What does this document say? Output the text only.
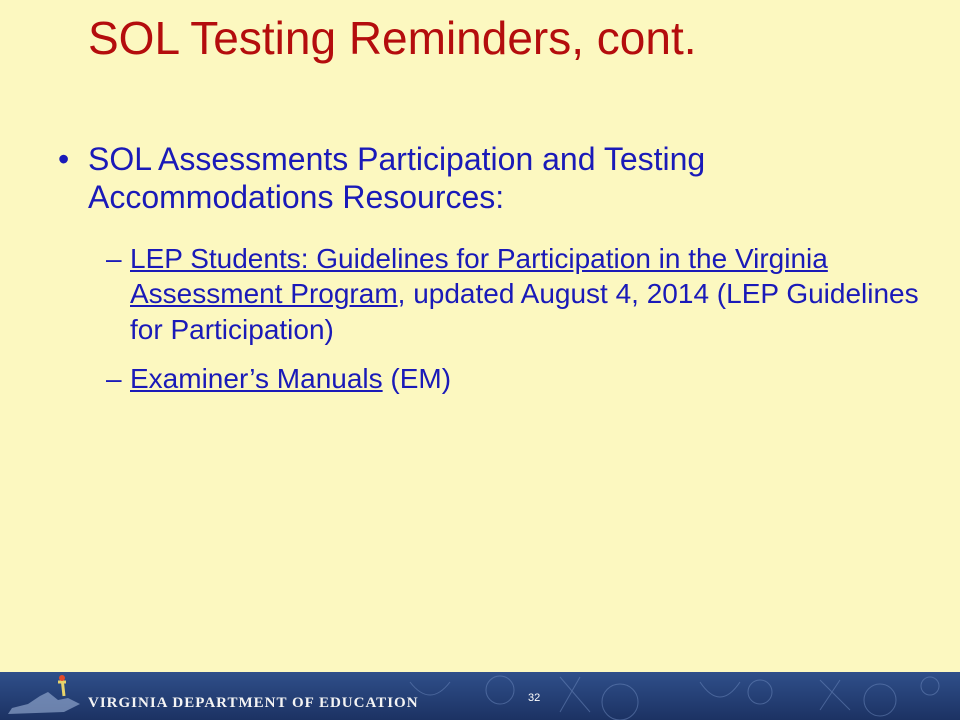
SOL Testing Reminders, cont.
• SOL Assessments Participation and Testing Accommodations Resources:
– LEP Students: Guidelines for Participation in the Virginia Assessment Program, updated August 4, 2014 (LEP Guidelines for Participation)
– Examiner’s Manuals (EM)
VIRGINIA DEPARTMENT OF EDUCATION	32
